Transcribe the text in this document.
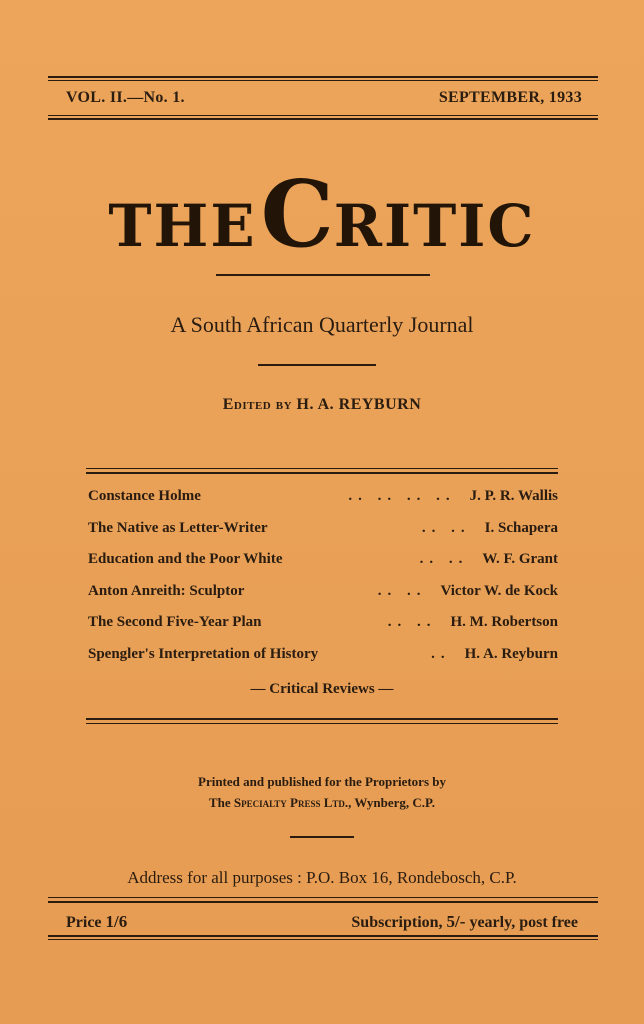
VOL. II.—No. 1.	SEPTEMBER, 1933
THE CRITIC
A South African Quarterly Journal
Edited by H. A. REYBURN
Constance Holme	.. .. .. .. J. P. R. Wallis
The Native as Letter-Writer	.. .. I. Schapera
Education and the Poor White	.. .. W. F. Grant
Anton Anreith: Sculptor	.. .. Victor W. de Kock
The Second Five-Year Plan	.. .. H. M. Robertson
Spengler's Interpretation of History	.. H. A. Reyburn
— Critical Reviews —
Printed and published for the Proprietors by
The Specialty Press Ltd., Wynberg, C.P.
Address for all purposes : P.O. Box 16, Rondebosch, C.P.
Price 1/6	Subscription, 5/- yearly, post free
